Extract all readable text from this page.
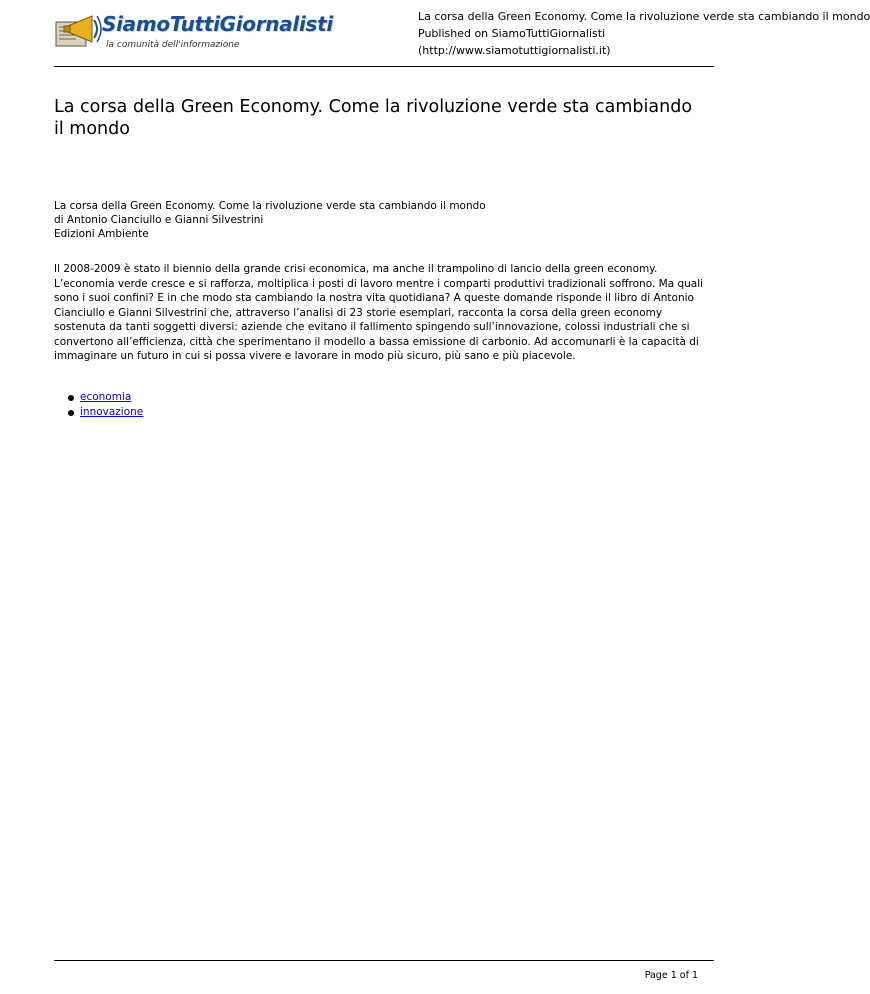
SiamoTuttiGiornalisti
la comunità dell'informazione
La corsa della Green Economy. Come la rivoluzione verde sta cambiando il mondo
Published on SiamoTuttiGiornalisti
(http://www.siamotuttigiornalisti.it)
La corsa della Green Economy. Come la rivoluzione verde sta cambiando il mondo
La corsa della Green Economy. Come la rivoluzione verde sta cambiando il mondo
di Antonio Cianciullo e Gianni Silvestrini
Edizioni Ambiente

Il 2008-2009 è stato il biennio della grande crisi economica, ma anche il trampolino di lancio della green economy. L’economia verde cresce e si rafforza, moltiplica i posti di lavoro mentre i comparti produttivi tradizionali soffrono. Ma quali sono i suoi confini? E in che modo sta cambiando la nostra vita quotidiana? A queste domande risponde il libro di Antonio Cianciullo e Gianni Silvestrini che, attraverso l’analisi di 23 storie esemplari, racconta la corsa della green economy sostenuta da tanti soggetti diversi: aziende che evitano il fallimento spingendo sull’innovazione, colossi industriali che si convertono all’efficienza, città che sperimentano il modello a bassa emissione di carbonio. Ad accomunarli è la capacità di immaginare un futuro in cui si possa vivere e lavorare in modo più sicuro, più sano e più piacevole.

economia
innovazione
Page 1 of 1
